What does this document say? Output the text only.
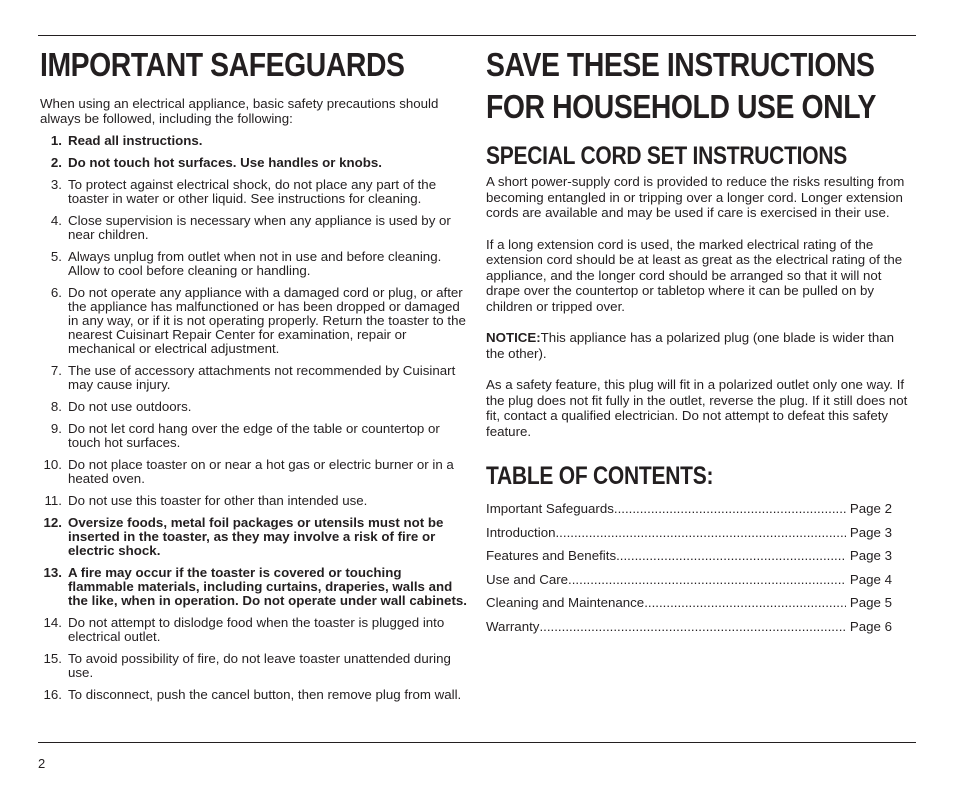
IMPORTANT SAFEGUARDS

When using an electrical appliance, basic safety precautions should always be followed, including the following:

1. Read all instructions.
2. Do not touch hot surfaces. Use handles or knobs.
3. To protect against electrical shock, do not place any part of the toaster in water or other liquid. See instructions for cleaning.
4. Close supervision is necessary when any appliance is used by or near children.
5. Always unplug from outlet when not in use and before cleaning. Allow to cool before cleaning or handling.
6. Do not operate any appliance with a damaged cord or plug, or after the appliance has malfunctioned or has been dropped or damaged in any way, or if it is not operating properly. Return the toaster to the nearest Cuisinart Repair Center for examination, repair or mechanical or electrical adjustment.
7. The use of accessory attachments not recommended by Cuisinart may cause injury.
8. Do not use outdoors.
9. Do not let cord hang over the edge of the table or countertop or touch hot surfaces.
10. Do not place toaster on or near a hot gas or electric burner or in a heated oven.
11. Do not use this toaster for other than intended use.
12. Oversize foods, metal foil packages or utensils must not be inserted in the toaster, as they may involve a risk of fire or electric shock.
13. A fire may occur if the toaster is covered or touching flammable materials, including curtains, draperies, walls and the like, when in operation. Do not operate under wall cabinets.
14. Do not attempt to dislodge food when the toaster is plugged into electrical outlet.
15. To avoid possibility of fire, do not leave toaster unattended during use.
16. To disconnect, push the cancel button, then remove plug from wall.
SAVE THESE INSTRUCTIONS
FOR HOUSEHOLD USE ONLY
SPECIAL CORD SET INSTRUCTIONS

A short power-supply cord is provided to reduce the risks resulting from becoming entangled in or tripping over a longer cord. Longer extension cords are available and may be used if care is exercised in their use.

If a long extension cord is used, the marked electrical rating of the extension cord should be at least as great as the electrical rating of the appliance, and the longer cord should be arranged so that it will not drape over the countertop or tabletop where it can be pulled on by children or tripped over.

NOTICE:This appliance has a polarized plug (one blade is wider than the other).

As a safety feature, this plug will fit in a polarized outlet only one way. If the plug does not fit fully in the outlet, reverse the plug. If it still does not fit, contact a qualified electrician. Do not attempt to defeat this safety feature.

TABLE OF CONTENTS:
Important Safeguards .....	Page 2
Introduction .....	Page 3
Features and Benefits .....	Page 3
Use and Care .....	Page 4
Cleaning and Maintenance .....	Page 5
Warranty .....	Page 6
2
